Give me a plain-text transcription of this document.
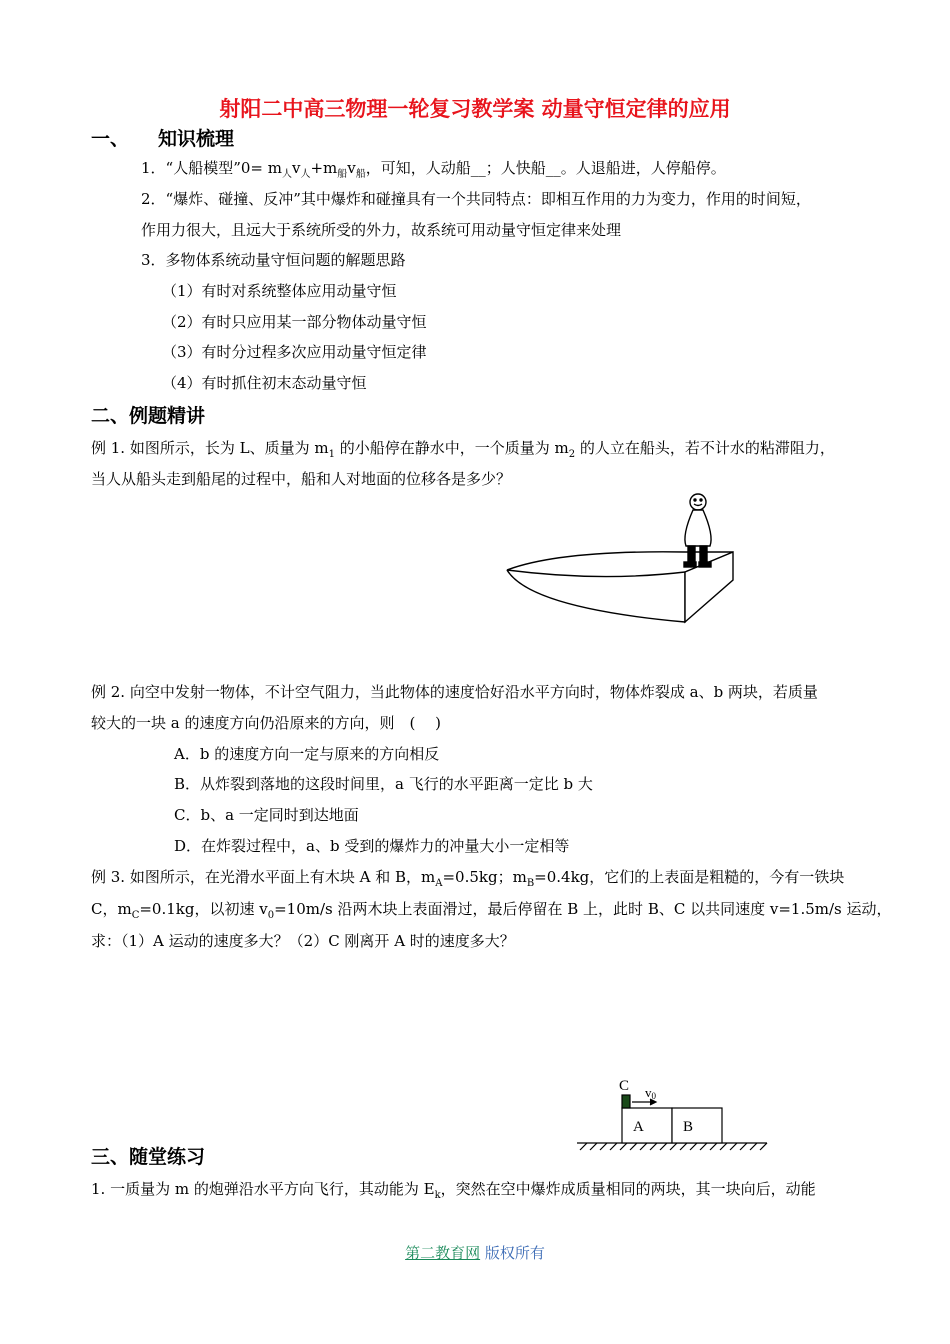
射阳二中高三物理一轮复习教学案 动量守恒定律的应用
一、 知识梳理
1．“人船模型”0= $m_人v_人+m_船v_船$，可知，人动船__；人快船__。人退船进，人停船停。
2．“爆炸、碰撞、反冲”其中爆炸和碰撞具有一个共同特点：即相互作用的力为变力，作用的时间短，
作用力很大，且远大于系统所受的外力，故系统可用动量守恒定律来处理
3．多物体系统动量守恒问题的解题思路
（1）有时对系统整体应用动量守恒
（2）有时只应用某一部分物体动量守恒
（3）有时分过程多次应用动量守恒定律
（4）有时抓住初末态动量守恒
二、例题精讲
例 1. 如图所示，长为 L、质量为 $m_1$ 的小船停在静水中，一个质量为 $m_2$ 的人立在船头，若不计水的粘滞阻力，
当人从船头走到船尾的过程中，船和人对地面的位移各是多少？
例 2. 向空中发射一物体，不计空气阻力，当此物体的速度恰好沿水平方向时，物体炸裂成 a、b 两块，若质量
较大的一块 a 的速度方向仍沿原来的方向，则　(　 )
A．b 的速度方向一定与原来的方向相反
B．从炸裂到落地的这段时间里，a 飞行的水平距离一定比 b 大
C．b、a 一定同时到达地面
D．在炸裂过程中，a、b 受到的爆炸力的冲量大小一定相等
例 3. 如图所示，在光滑水平面上有木块 A 和 B，$m_A=0.5kg$；$m_B=0.4kg$，它们的上表面是粗糙的，今有一铁块
C，$m_C=0.1kg$，以初速 $v_0=10m/s$ 沿两木块上表面滑过，最后停留在 B 上，此时 B、C 以共同速度 v=1.5m/s 运动，
求：（1）A 运动的速度多大？（2）C 刚离开 A 时的速度多大？
C v0
A	B
三、随堂练习
1. 一质量为 m 的炮弹沿水平方向飞行，其动能为 $E_k$，突然在空中爆炸成质量相同的两块，其一块向后，动能
第二教育网 版权所有
